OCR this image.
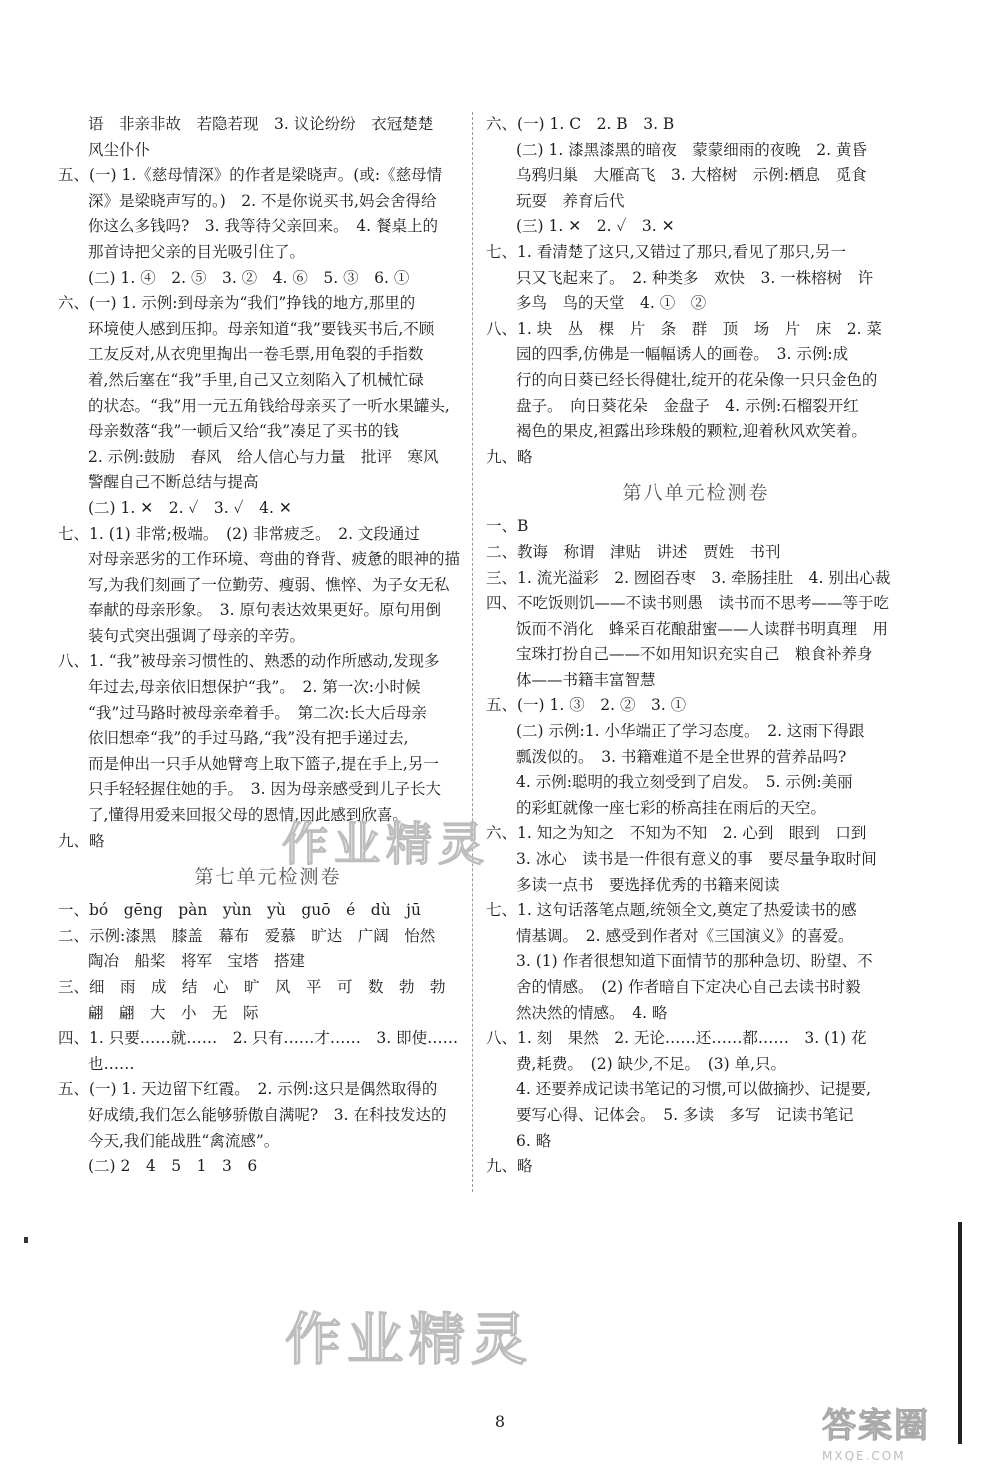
语　非亲非故　若隐若现　3. 议论纷纷　衣冠楚楚
风尘仆仆
五、(一) 1.《慈母情深》的作者是梁晓声。(或:《慈母情
深》是梁晓声写的。)　2. 不是你说买书,妈会舍得给
你这么多钱吗?　3. 我等待父亲回来。　4. 餐桌上的
那首诗把父亲的目光吸引住了。
(二) 1. ④　2. ⑤　3. ②　4. ⑥　5. ③　6. ①
六、(一) 1. 示例:到母亲为“我们”挣钱的地方,那里的
环境使人感到压抑。母亲知道“我”要钱买书后,不顾
工友反对,从衣兜里掏出一卷毛票,用龟裂的手指数
着,然后塞在“我”手里,自己又立刻陷入了机械忙碌
的状态。“我”用一元五角钱给母亲买了一听水果罐头,
母亲数落“我”一顿后又给“我”凑足了买书的钱
2. 示例:鼓励　春风　给人信心与力量　批评　寒风
警醒自己不断总结与提高
(二) 1. ✕　2. ✓　3. ✓　4. ✕
七、1. (1) 非常;极端。　(2) 非常疲乏。　2. 文段通过
对母亲恶劣的工作环境、弯曲的脊背、疲惫的眼神的描
写,为我们刻画了一位勤劳、瘦弱、憔悴、为子女无私
奉献的母亲形象。　3. 原句表达效果更好。原句用倒
装句式突出强调了母亲的辛劳。
八、1. “我”被母亲习惯性的、熟悉的动作所感动,发现多
年过去,母亲依旧想保护“我”。　2. 第一次:小时候
“我”过马路时被母亲牵着手。　第二次:长大后母亲
依旧想牵“我”的手过马路,“我”没有把手递过去,
而是伸出一只手从她臂弯上取下篮子,提在手上,另一
只手轻轻握住她的手。　3. 因为母亲感受到儿子长大
了,懂得用爱来回报父母的恩情,因此感到欣喜。
九、略
第七单元检测卷
一、bó　gēng　pàn　yùn　yù　guō　é　dù　jū
二、示例:漆黑　膝盖　幕布　爱慕　旷达　广阔　怡然
陶冶　船桨　将军　宝塔　搭建
三、细　雨　成　结　心　旷　风　平　可　数　勃　勃
翩　翩　大　小　无　际
四、1. 只要……就……　2. 只有……才……　3. 即使……
也……
五、(一) 1. 天边留下红霞。　2. 示例:这只是偶然取得的
好成绩,我们怎么能够骄傲自满呢?　3. 在科技发达的
今天,我们能战胜“禽流感”。
(二) 2　4　5　1　3　6
六、(一) 1. C　2. B　3. B
(二) 1. 漆黑漆黑的暗夜　蒙蒙细雨的夜晚　2. 黄昏
乌鸦归巢　大雁高飞　3. 大榕树　示例:栖息　觅食
玩耍　养育后代
(三) 1. ✕　2. ✓　3. ✕
七、1. 看清楚了这只,又错过了那只,看见了那只,另一
只又飞起来了。　2. 种类多　欢快　3. 一株榕树　许
多鸟　鸟的天堂　4. ①　②
八、1. 块　丛　棵　片　条　群　顶　场　片　床　2. 菜
园的四季,仿佛是一幅幅诱人的画卷。　3. 示例:成
行的向日葵已经长得健壮,绽开的花朵像一只只金色的
盘子。　向日葵花朵　金盘子　4. 示例:石榴裂开红
褐色的果皮,袒露出珍珠般的颗粒,迎着秋风欢笑着。
九、略
第八单元检测卷
一、B
二、教诲　称谓　津贴　讲述　贾姓　书刊
三、1. 流光溢彩　2. 囫囵吞枣　3. 牵肠挂肚　4. 别出心裁
四、不吃饭则饥——不读书则愚　读书而不思考——等于吃
饭而不消化　蜂采百花酿甜蜜——人读群书明真理　用
宝珠打扮自己——不如用知识充实自己　粮食补养身
体——书籍丰富智慧
五、(一) 1. ③　2. ②　3. ①
(二) 示例:1. 小华端正了学习态度。　2. 这雨下得跟
瓢泼似的。　3. 书籍难道不是全世界的营养品吗?
4. 示例:聪明的我立刻受到了启发。　5. 示例:美丽
的彩虹就像一座七彩的桥高挂在雨后的天空。
六、1. 知之为知之　不知为不知　2. 心到　眼到　口到
3. 冰心　读书是一件很有意义的事　要尽量争取时间
多读一点书　要选择优秀的书籍来阅读
七、1. 这句话落笔点题,统领全文,奠定了热爱读书的感
情基调。　2. 感受到作者对《三国演义》的喜爱。
3. (1) 作者很想知道下面情节的那种急切、盼望、不
舍的情感。　(2) 作者暗自下定决心自己去读书时毅
然决然的情感。　4. 略
八、1. 刻　果然　2. 无论……还……都……　3. (1) 花
费,耗费。　(2) 缺少,不足。　(3) 单,只。
4. 还要养成记读书笔记的习惯,可以做摘抄、记提要,
要写心得、记体会。　5. 多读　多写　记读书笔记
6. 略
九、略
作业精灵
作业精灵
8	答案圈
MXQE.COM
